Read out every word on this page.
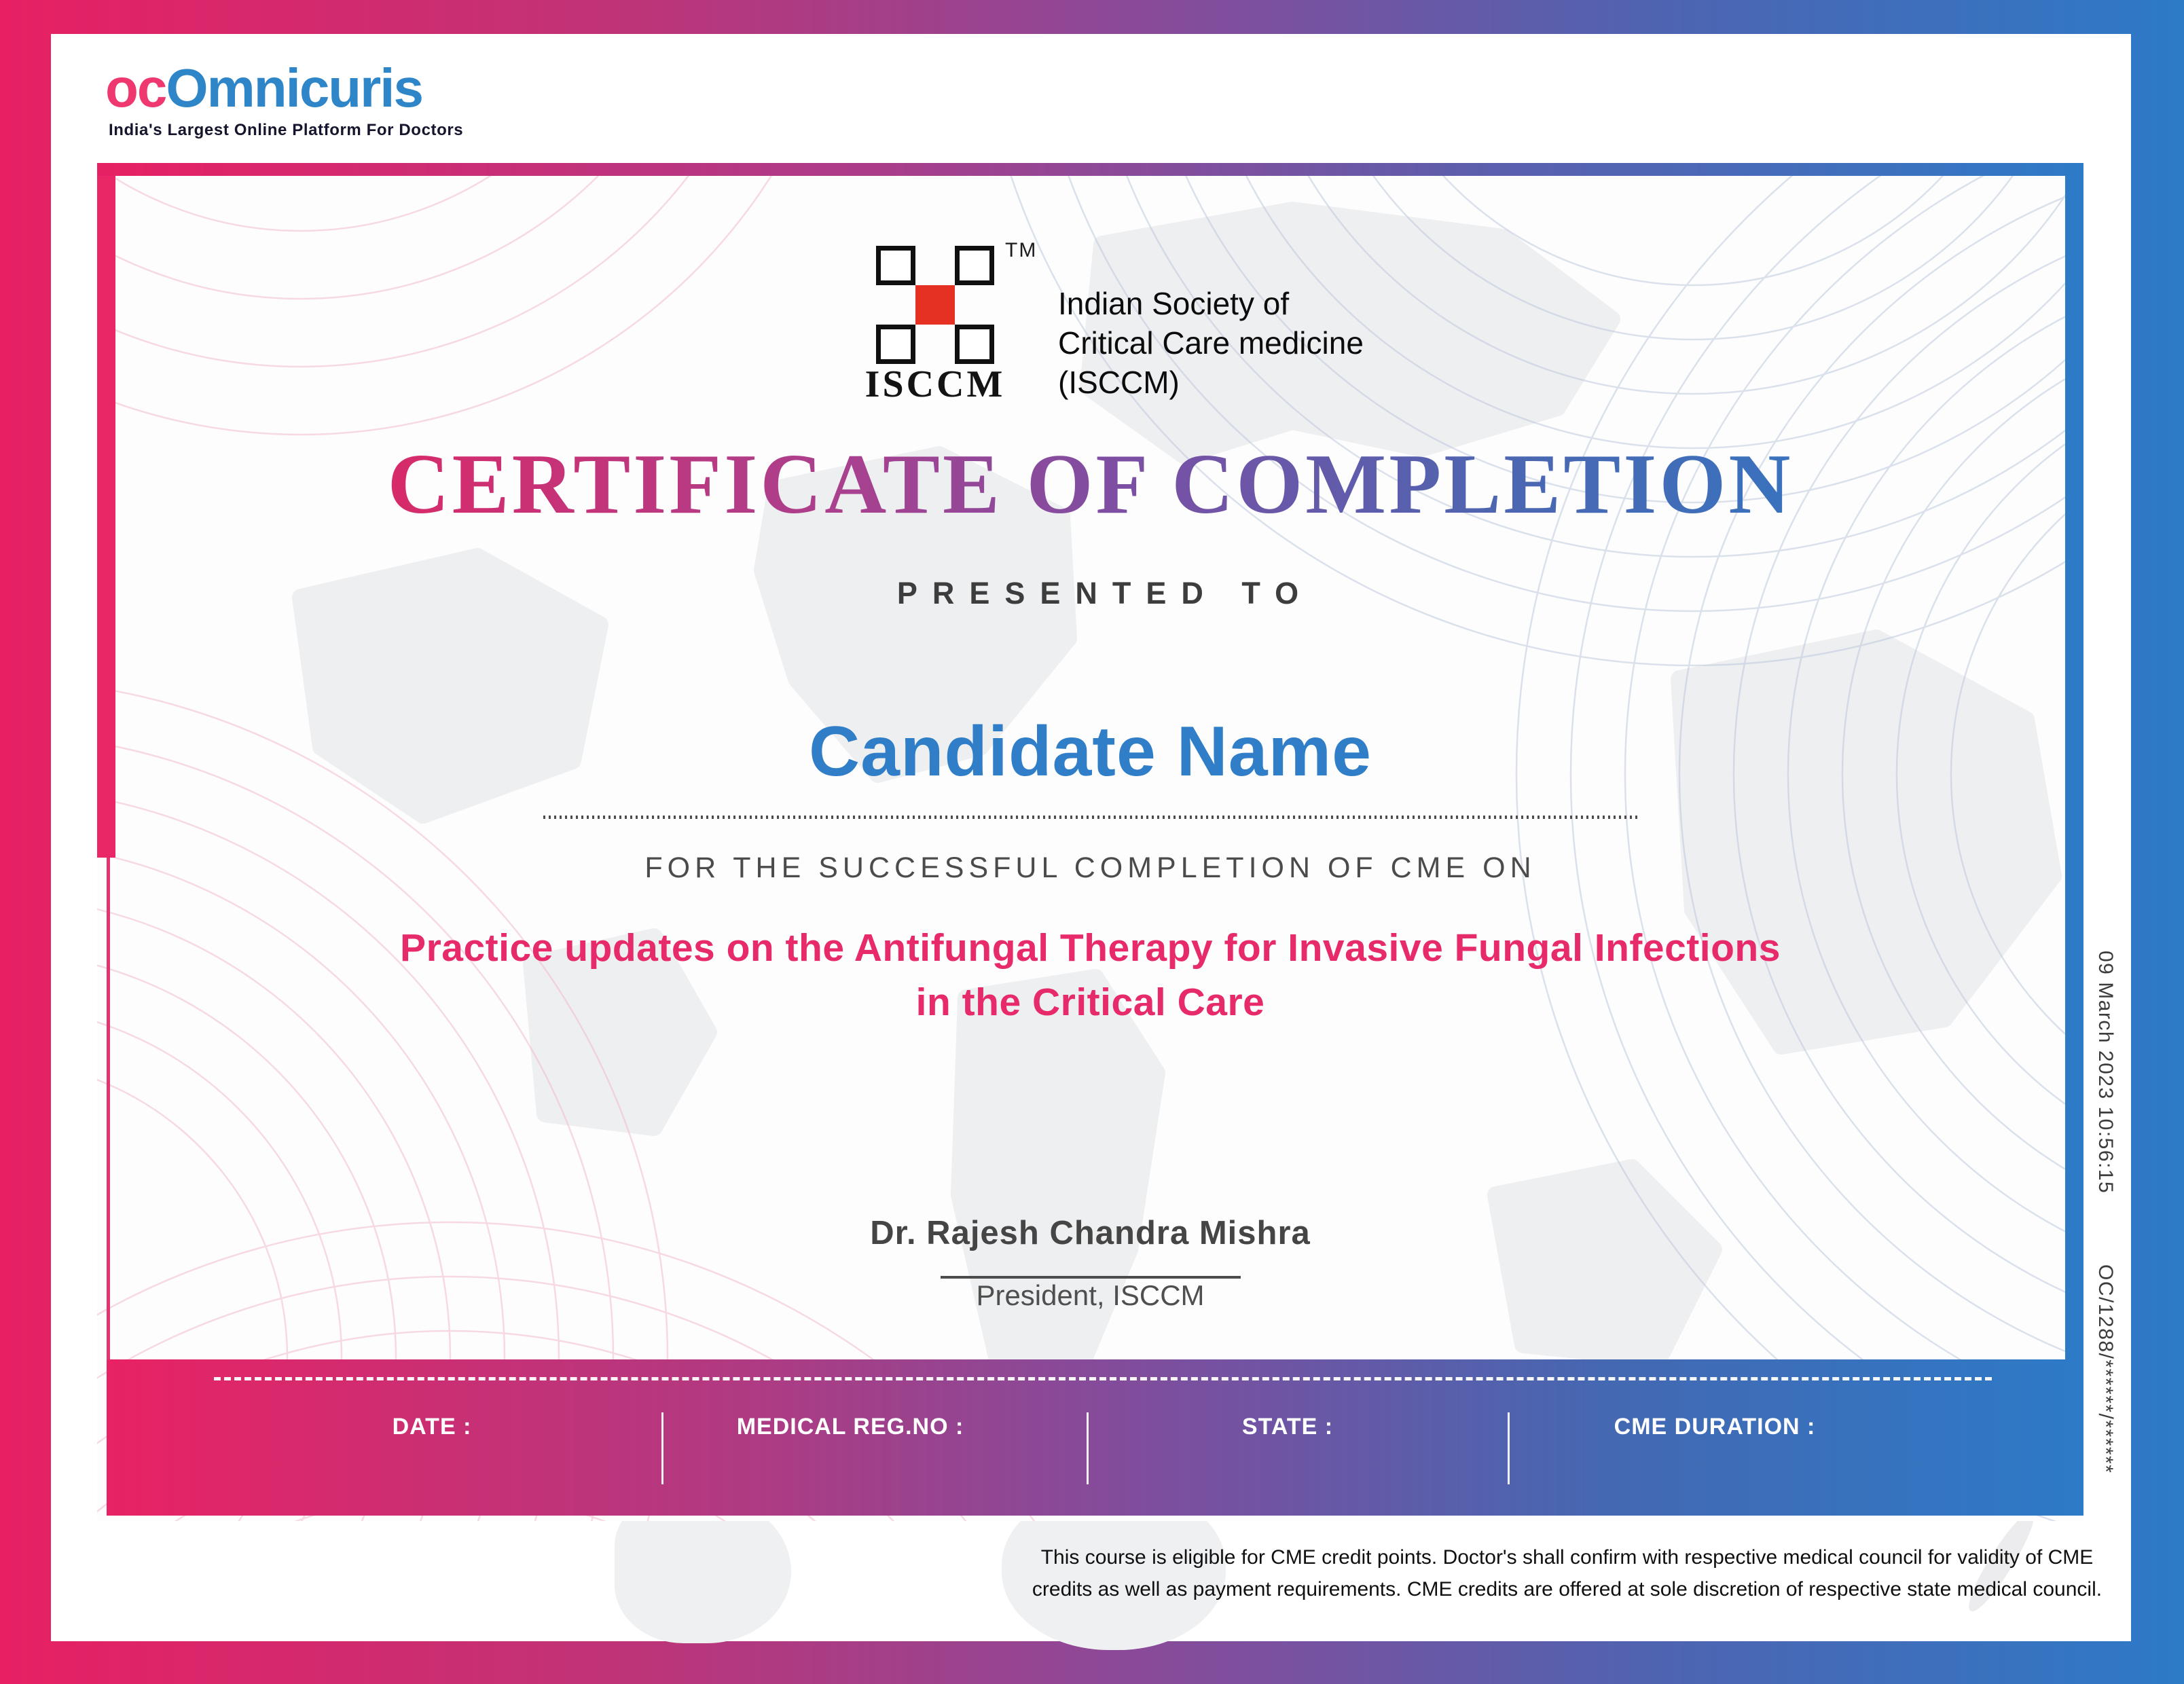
ocOmnicuris
India's Largest Online Platform For Doctors
TM
ISCCM
Indian Society of
Critical Care medicine
(ISCCM)
CERTIFICATE OF COMPLETION
PRESENTED TO
Candidate Name
FOR THE SUCCESSFUL COMPLETION OF CME ON
Practice updates on the Antifungal Therapy for Invasive Fungal Infections
in the Critical Care
Dr. Rajesh Chandra Mishra
President, ISCCM
DATE :	MEDICAL REG.NO :	STATE :	CME DURATION :
09 March 2023 10:56:15
OC/1288/******/******
This course is eligible for CME credit points. Doctor's shall confirm with respective medical council for validity of CME
credits as well as payment requirements. CME credits are offered at sole discretion of respective state medical council.
